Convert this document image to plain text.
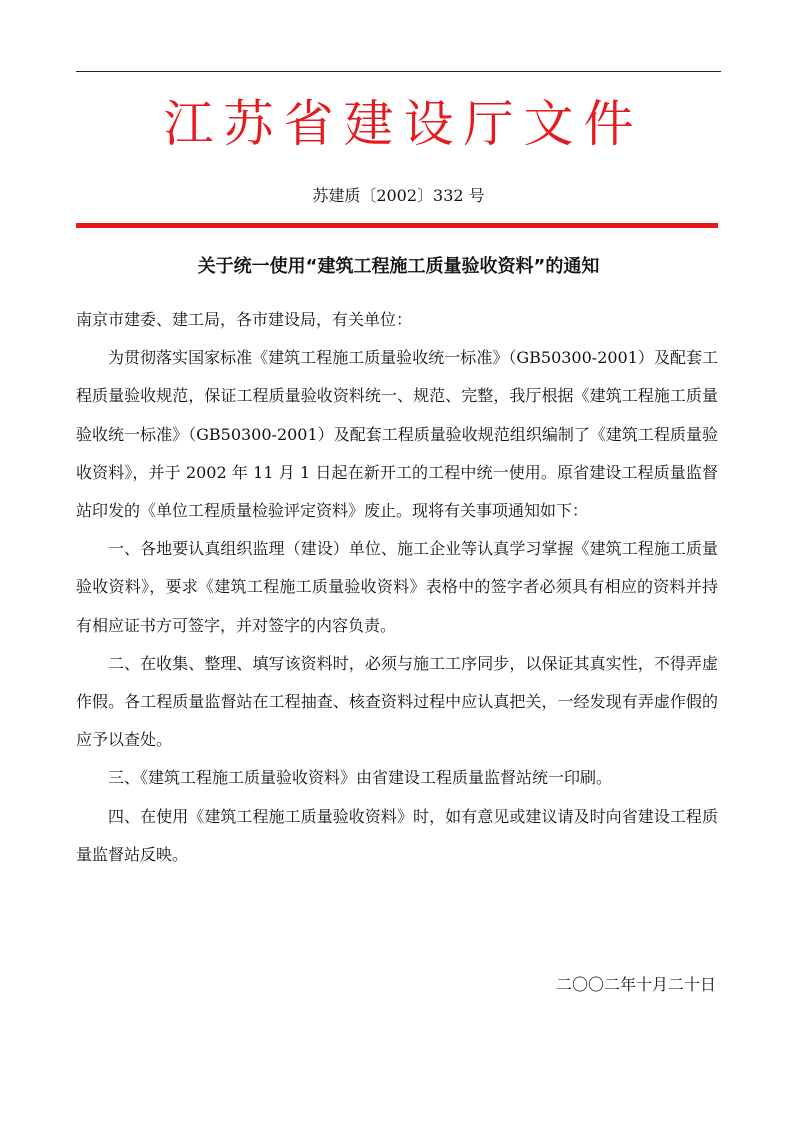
江苏省建设厅文件
苏建质〔2002〕332 号
关于统一使用“建筑工程施工质量验收资料”的通知

南京市建委、建工局，各市建设局，有关单位：

为贯彻落实国家标准《建筑工程施工质量验收统一标准》（GB50300-2001）及配套工程质量验收规范，保证工程质量验收资料统一、规范、完整，我厅根据《建筑工程施工质量验收统一标准》（GB50300-2001）及配套工程质量验收规范组织编制了《建筑工程质量验收资料》，并于 2002 年 11 月 1 日起在新开工的工程中统一使用。原省建设工程质量监督站印发的《单位工程质量检验评定资料》废止。现将有关事项通知如下：

一、各地要认真组织监理（建设）单位、施工企业等认真学习掌握《建筑工程施工质量验收资料》，要求《建筑工程施工质量验收资料》表格中的签字者必须具有相应的资料并持有相应证书方可签字，并对签字的内容负责。

二、在收集、整理、填写该资料时，必须与施工工序同步，以保证其真实性，不得弄虚作假。各工程质量监督站在工程抽查、核查资料过程中应认真把关，一经发现有弄虚作假的应予以查处。

三、《建筑工程施工质量验收资料》由省建设工程质量监督站统一印刷。

四、在使用《建筑工程施工质量验收资料》时，如有意见或建议请及时向省建设工程质量监督站反映。

二〇〇二年十月二十日
